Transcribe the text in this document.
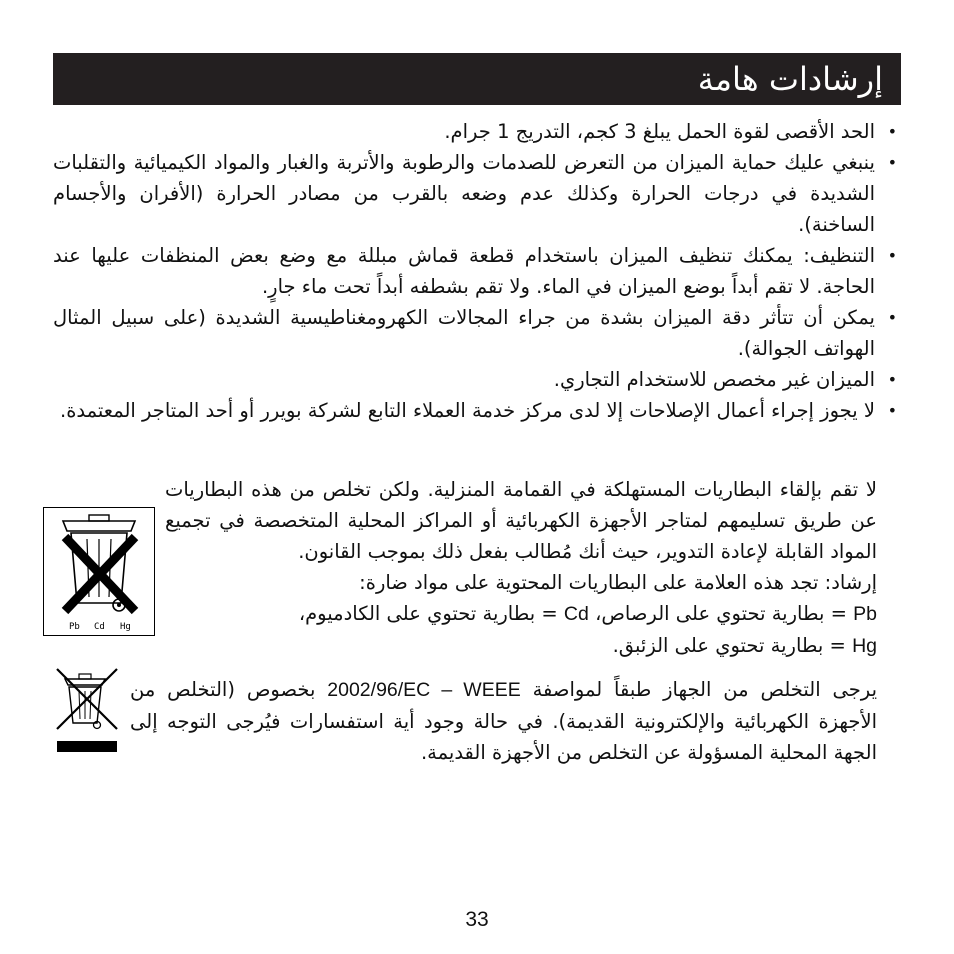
إرشادات هامة
•
الحد الأقصى لقوة الحمل يبلغ 3 كجم، التدريج 1 جرام.
•
ينبغي عليك حماية الميزان من التعرض للصدمات والرطوبة والأتربة والغبار والمواد الكيميائية والتقلبات الشديدة في درجات الحرارة وكذلك عدم وضعه بالقرب من مصادر الحرارة (الأفران والأجسام الساخنة).
•
التنظيف: يمكنك تنظيف الميزان باستخدام قطعة قماش مبللة مع وضع بعض المنظفات عليها عند الحاجة. لا تقم أبداً بوضع الميزان في الماء. ولا تقم بشطفه أبداً تحت ماء جارٍ.
•
يمكن أن تتأثر دقة الميزان بشدة من جراء المجالات الكهرومغناطيسية الشديدة (على سبيل المثال الهواتف الجوالة).
•
الميزان غير مخصص للاستخدام التجاري.
•
لا يجوز إجراء أعمال الإصلاحات إلا لدى مركز خدمة العملاء التابع لشركة بويرر أو أحد المتاجر المعتمدة.

لا تقم بإلقاء البطاريات المستهلكة في القمامة المنزلية. ولكن تخلص من هذه البطاريات عن طريق تسليمهم لمتاجر الأجهزة الكهربائية أو المراكز المحلية المتخصصة في تجميع المواد القابلة لإعادة التدوير، حيث أنك مُطالب بفعل ذلك بموجب القانون.

إرشاد: تجد هذه العلامة على البطاريات المحتوية على مواد ضارة:

Pb = بطارية تحتوي على الرصاص، Cd = بطارية تحتوي على الكادميوم،

Hg = بطارية تحتوي على الزئبق.

Pb Cd Hg
يرجى التخلص من الجهاز طبقاً لمواصفة 2002/96/EC – WEEE بخصوص (التخلص من الأجهزة الكهربائية والإلكترونية القديمة). في حالة وجود أية استفسارات فيُرجى التوجه إلى الجهة المحلية المسؤولة عن التخلص من الأجهزة القديمة.
33
